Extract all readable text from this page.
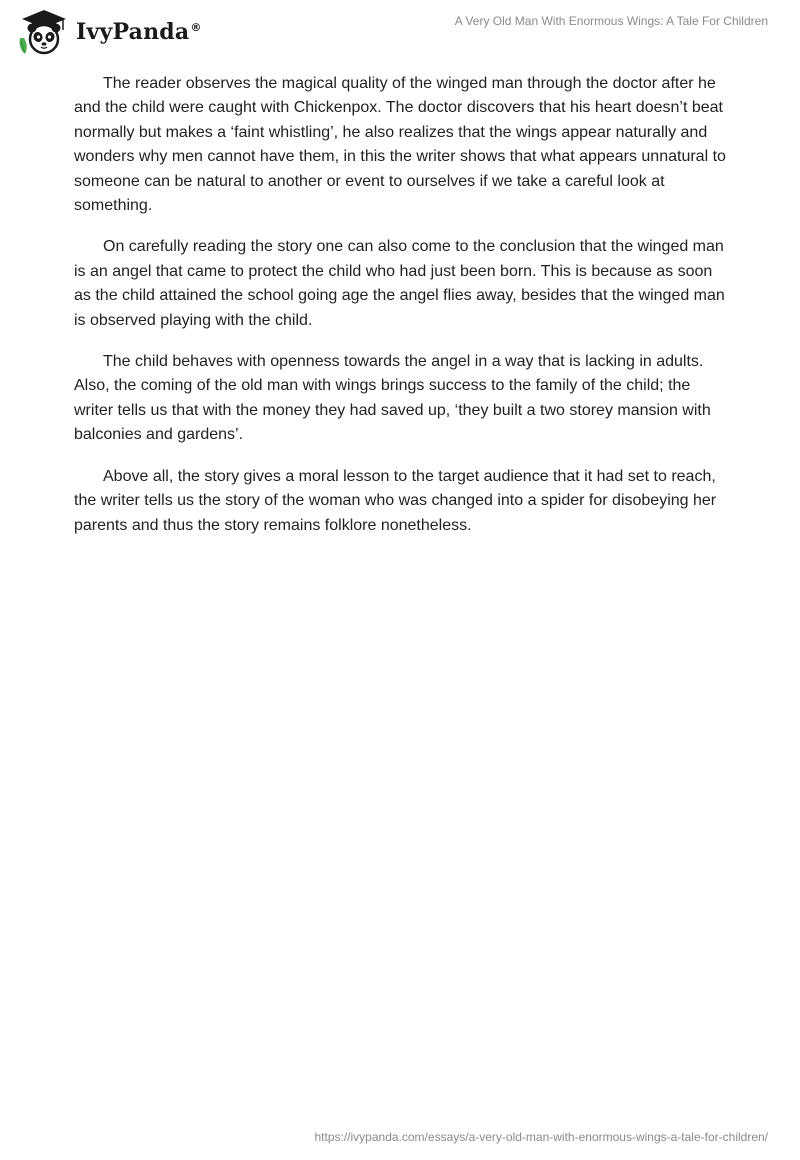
IvyPanda®	A Very Old Man With Enormous Wings: A Tale For Children

The reader observes the magical quality of the winged man through the doctor after he and the child were caught with Chickenpox. The doctor discovers that his heart doesn’t beat normally but makes a ‘faint whistling’, he also realizes that the wings appear naturally and wonders why men cannot have them, in this the writer shows that what appears unnatural to someone can be natural to another or event to ourselves if we take a careful look at something.

On carefully reading the story one can also come to the conclusion that the winged man is an angel that came to protect the child who had just been born. This is because as soon as the child attained the school going age the angel flies away, besides that the winged man is observed playing with the child.

The child behaves with openness towards the angel in a way that is lacking in adults. Also, the coming of the old man with wings brings success to the family of the child; the writer tells us that with the money they had saved up, ‘they built a two storey mansion with balconies and gardens’.

Above all, the story gives a moral lesson to the target audience that it had set to reach, the writer tells us the story of the woman who was changed into a spider for disobeying her parents and thus the story remains folklore nonetheless.

https://ivypanda.com/essays/a-very-old-man-with-enormous-wings-a-tale-for-children/
